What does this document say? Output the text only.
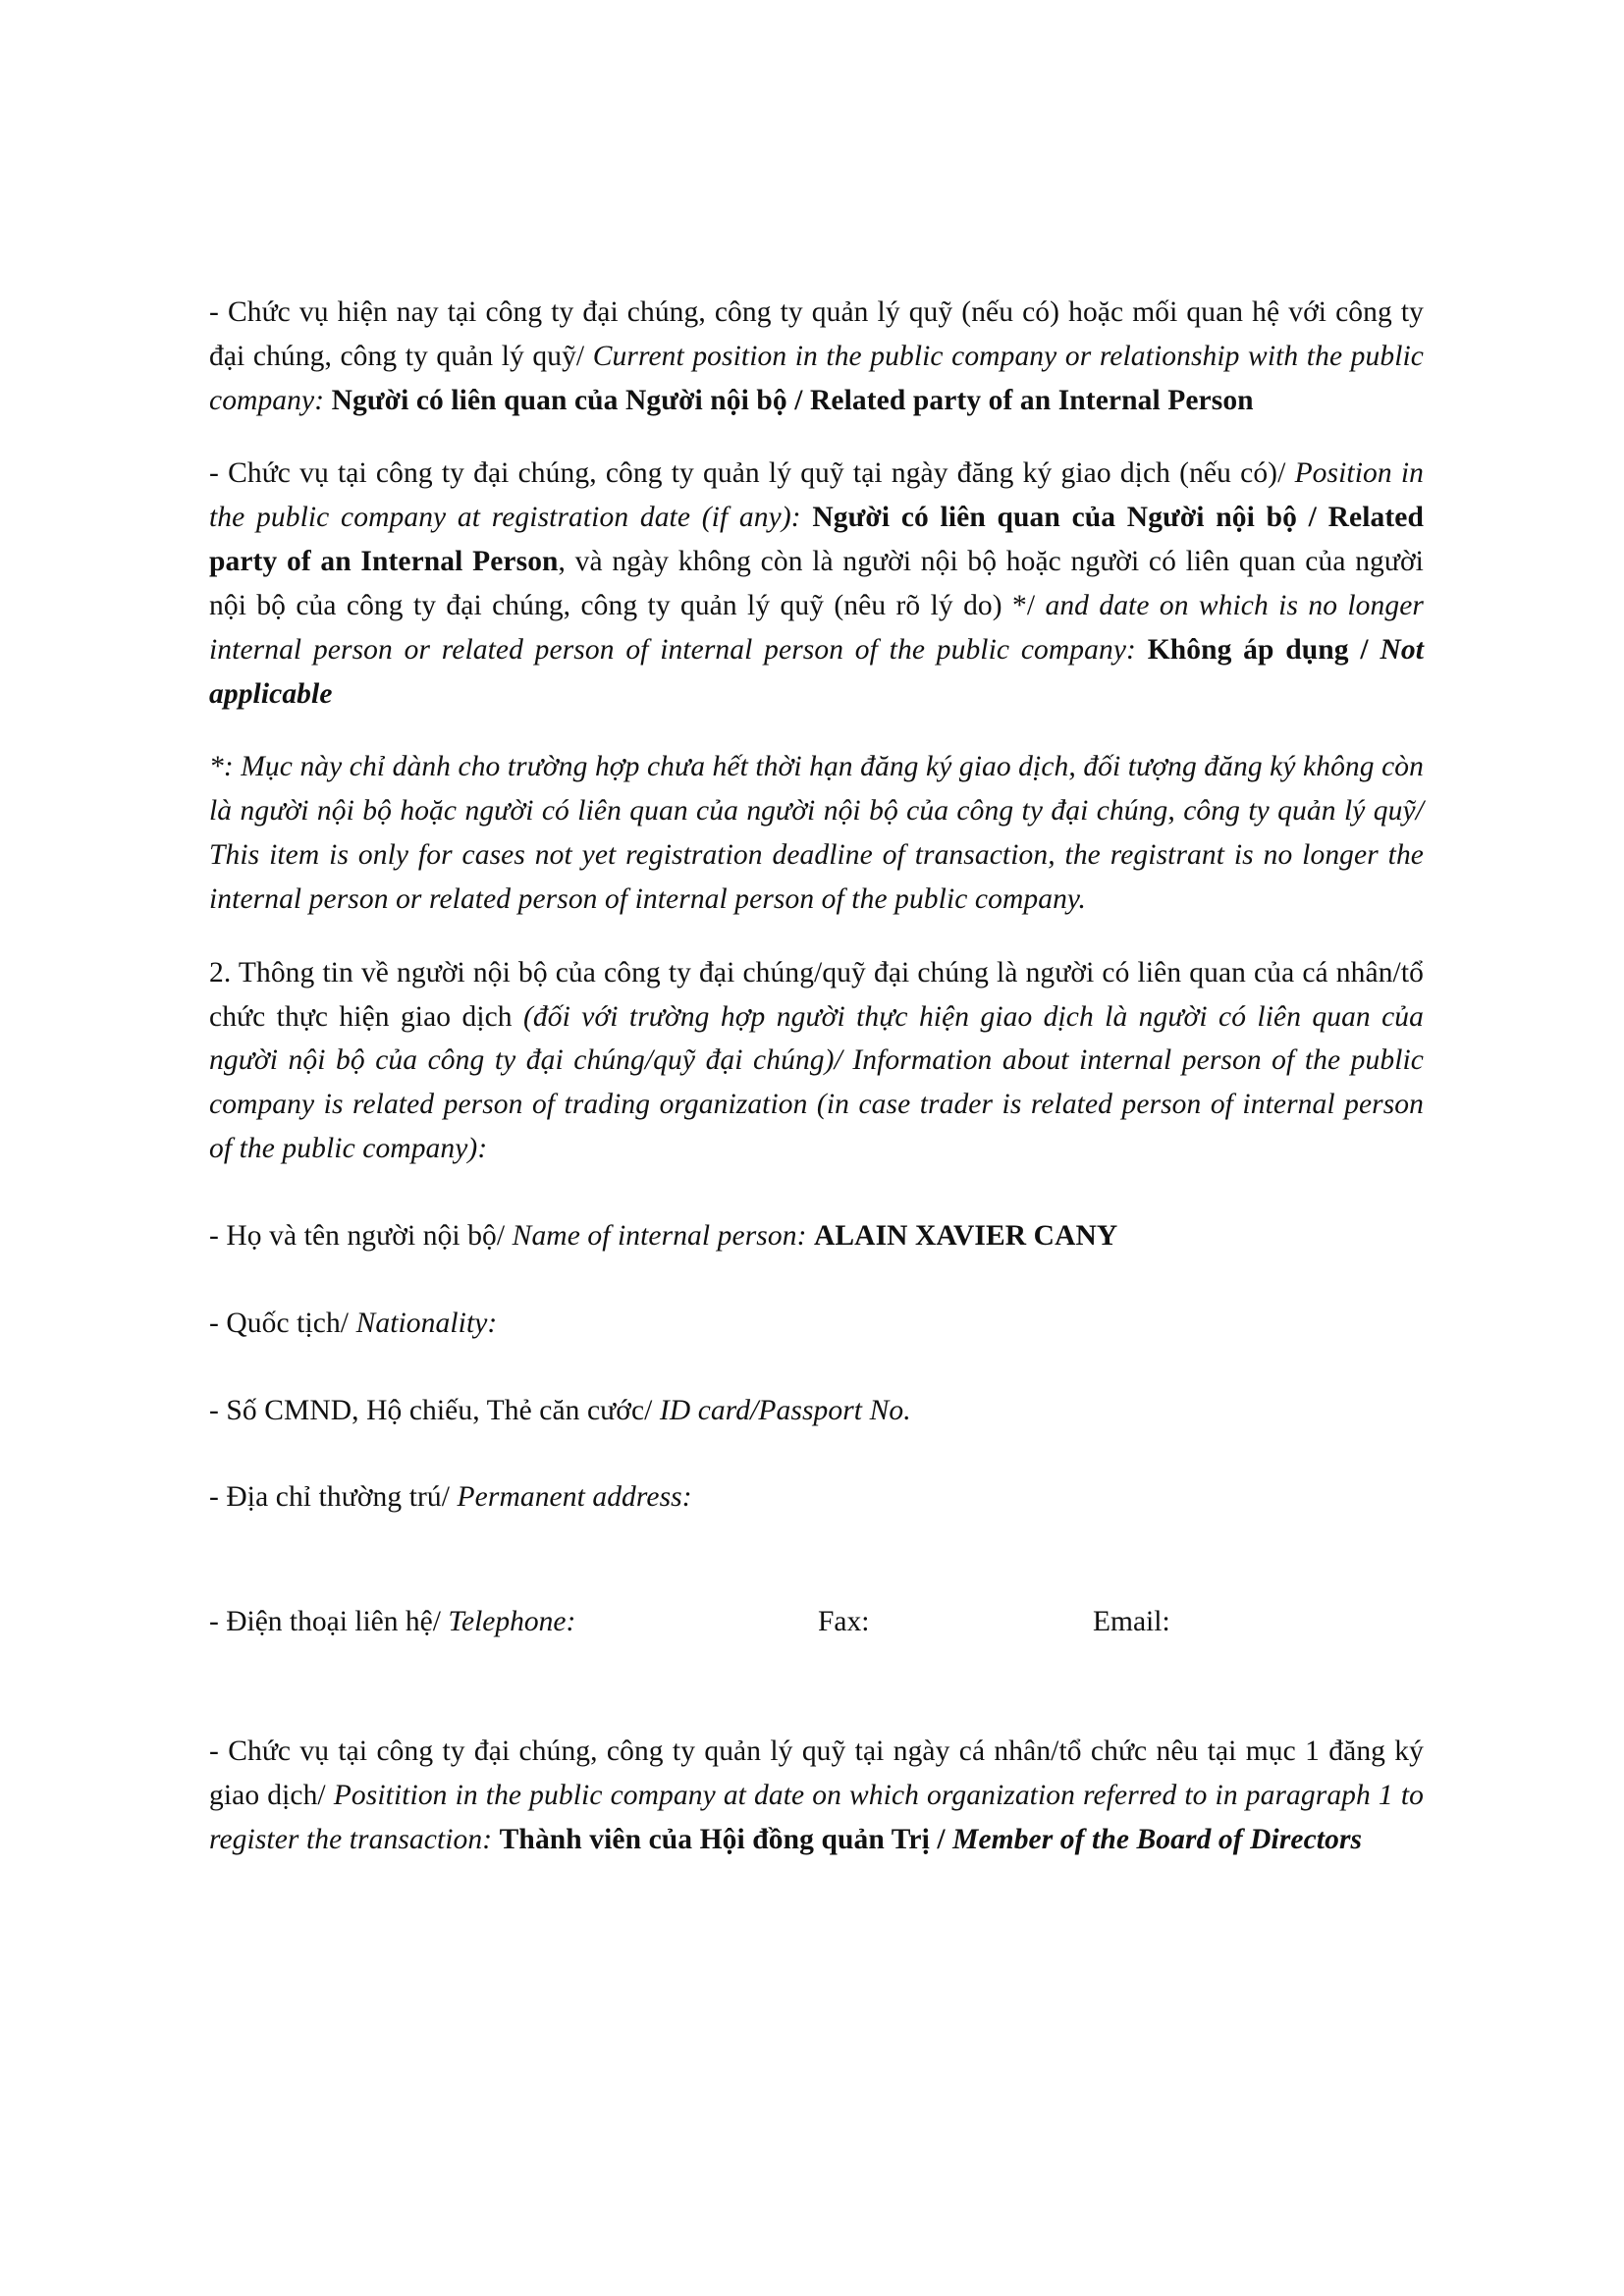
- Chức vụ hiện nay tại công ty đại chúng, công ty quản lý quỹ (nếu có) hoặc mối quan hệ với công ty đại chúng, công ty quản lý quỹ/ Current position in the public company or relationship with the public company: Người có liên quan của Người nội bộ / Related party of an Internal Person

- Chức vụ tại công ty đại chúng, công ty quản lý quỹ tại ngày đăng ký giao dịch (nếu có)/ Position in the public company at registration date (if any): Người có liên quan của Người nội bộ / Related party of an Internal Person, và ngày không còn là người nội bộ hoặc người có liên quan của người nội bộ của công ty đại chúng, công ty quản lý quỹ (nêu rõ lý do) */ and date on which is no longer internal person or related person of internal person of the public company: Không áp dụng / Not applicable

*: Mục này chỉ dành cho trường hợp chưa hết thời hạn đăng ký giao dịch, đối tượng đăng ký không còn là người nội bộ hoặc người có liên quan của người nội bộ của công ty đại chúng, công ty quản lý quỹ/ This item is only for cases not yet registration deadline of transaction, the registrant is no longer the internal person or related person of internal person of the public company.

2. Thông tin về người nội bộ của công ty đại chúng/quỹ đại chúng là người có liên quan của cá nhân/tổ chức thực hiện giao dịch (đối với trường hợp người thực hiện giao dịch là người có liên quan của người nội bộ của công ty đại chúng/quỹ đại chúng)/ Information about internal person of the public company is related person of trading organization (in case trader is related person of internal person of the public company):

- Họ và tên người nội bộ/ Name of internal person: ALAIN XAVIER CANY

- Quốc tịch/ Nationality:

- Số CMND, Hộ chiếu, Thẻ căn cước/ ID card/Passport No.

- Địa chỉ thường trú/ Permanent address:

- Điện thoại liên hệ/ Telephone:	Fax:	Email:

- Chức vụ tại công ty đại chúng, công ty quản lý quỹ tại ngày cá nhân/tổ chức nêu tại mục 1 đăng ký giao dịch/ Positition in the public company at date on which organization referred to in paragraph 1 to register the transaction: Thành viên của Hội đồng quản Trị / Member of the Board of Directors
